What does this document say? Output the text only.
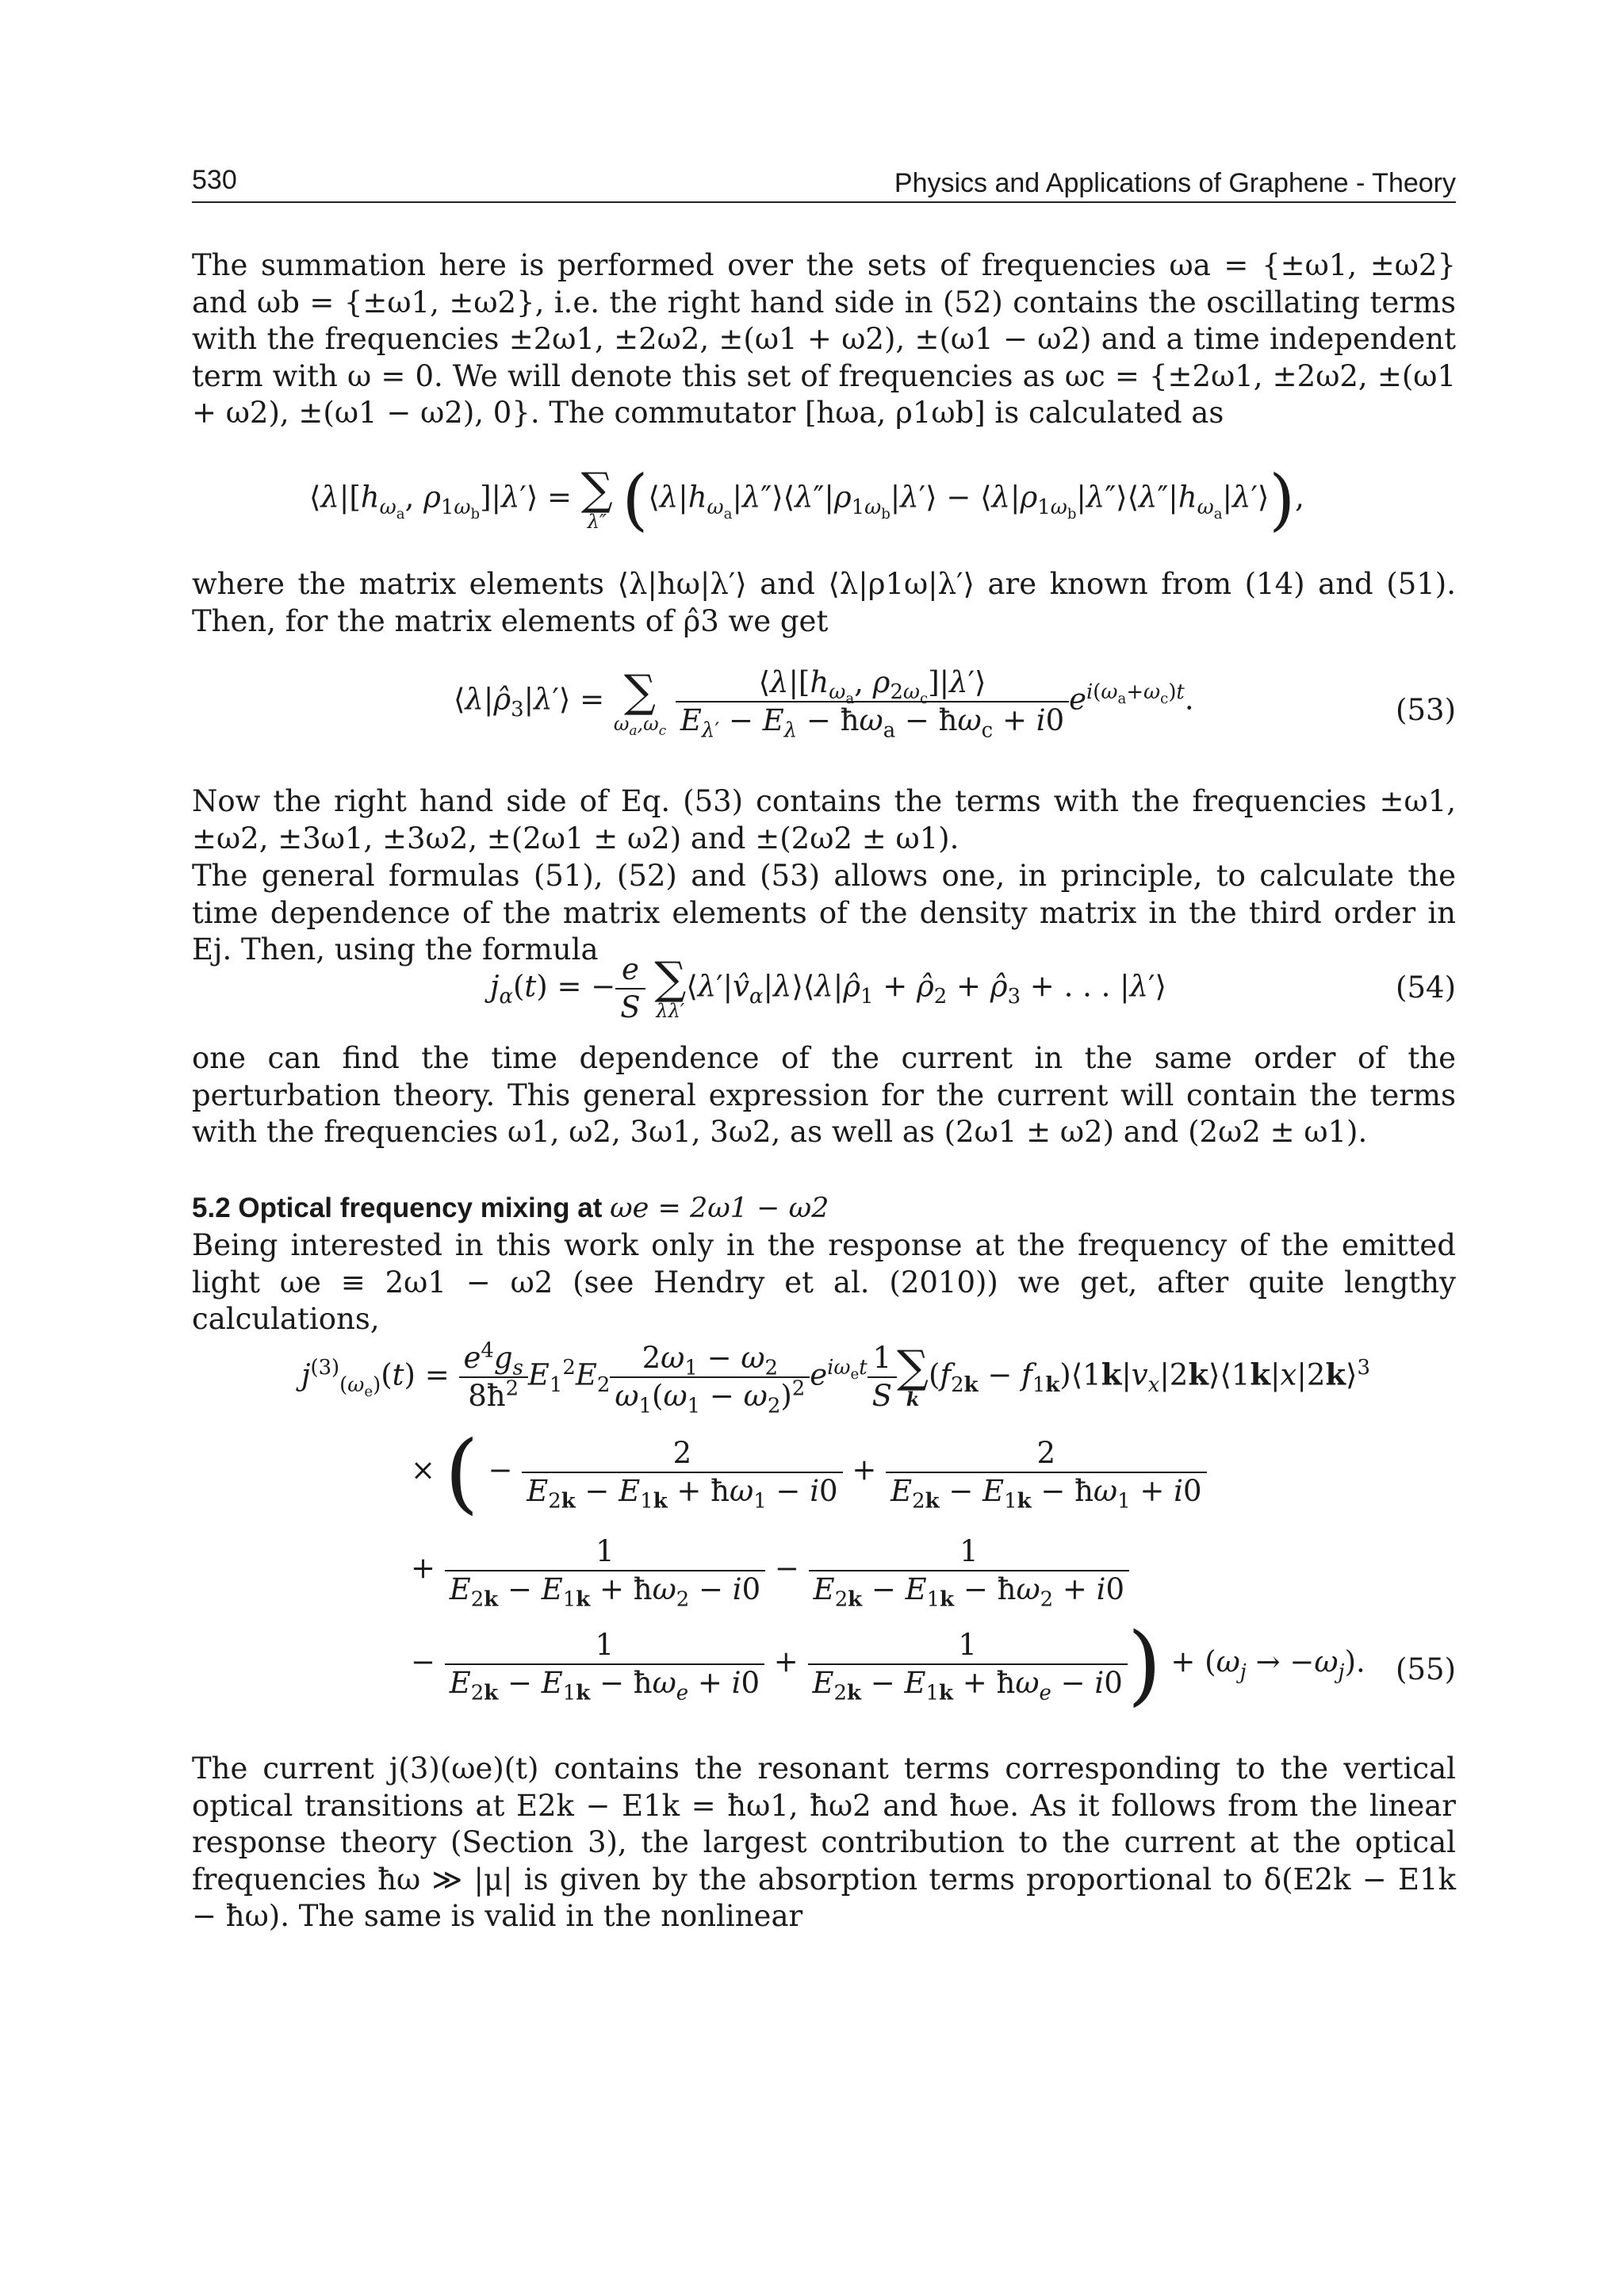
530	Physics and Applications of Graphene - Theory
The summation here is performed over the sets of frequencies ωa = {±ω1, ±ω2} and ωb = {±ω1, ±ω2}, i.e. the right hand side in (52) contains the oscillating terms with the frequencies ±2ω1, ±2ω2, ±(ω1 + ω2), ±(ω1 − ω2) and a time independent term with ω = 0. We will denote this set of frequencies as ωc = {±2ω1, ±2ω2, ±(ω1 + ω2), ±(ω1 − ω2), 0}. The commutator [hωa, ρ1ωb] is calculated as
$⟨\lambda|[h_{\omega_a}$, $\rho_{1\omega_b}]|\lambda'⟩$ = ∑
λ″ ($⟨\lambda|h_{\omega_a}|\lambda''⟩⟨\lambda''|\rho_{1\omega_b}|\lambda'⟩$ − $⟨\lambda|\rho_{1\omega_b}|\lambda''⟩⟨\lambda''|h_{\omega_a}|\lambda'⟩$),
where the matrix elements ⟨λ|hω|λ′⟩ and ⟨λ|ρ1ω|λ′⟩ are known from (14) and (51). Then, for the matrix elements of ρ̂3 we get
$⟨\lambda|\rhô_3|\lambda'⟩$ = ∑
$\omega_a,\omega_c$
$\frac{⟨\lambda|[h_{\omega_a}, \rho_{2\omega_c}]|\lambda'⟩}{E_{\lambda'} - E_\lambda - ħ\omega_a - ħ\omega_c + i0} e^{i(\omega_a+\omega_c)t}$.	(53)
Now the right hand side of Eq. (53) contains the terms with the frequencies ±ω1, ±ω2, ±3ω1, ±3ω2, ±(2ω1 ± ω2) and ±(2ω2 ± ω1).
The general formulas (51), (52) and (53) allows one, in principle, to calculate the time dependence of the matrix elements of the density matrix in the third order in Ej. Then, using the formula
$j_\alpha(t)$ = − $\frac{e}{S}$
∑
λλ′
$⟨\lambda'|v̂_\alpha|\lambda⟩⟨\lambda|\rhô_1$ + $\rhô_2$ + $\rhô_3$ + . . . |λ′⟩	(54)
one can find the time dependence of the current in the same order of the perturbation theory. This general expression for the current will contain the terms with the frequencies ω1, ω2, 3ω1, 3ω2, as well as (2ω1 ± ω2) and (2ω2 ± ω1).
5.2 Optical frequency mixing at ωe = 2ω1 − ω2
Being interested in this work only in the response at the frequency of the emitted light ωe ≡ 2ω1 − ω2 (see Hendry et al. (2010)) we get, after quite lengthy calculations,
$j^{(3)}_{(\omega_e)}(t) = \frac{e^4g_s}{8ħ^2} E_1^2E_2 \frac{2\omega_1 - \omega_2}{\omega_1(\omega_1 - \omega_2)^2} e^{i\omega_et} \frac{1}{S}$ ∑
k
($f_{2k}$ − $f_{1k})⟨1k|v_x|2k⟩⟨1k|x|2k⟩^3$
× ( − $\frac{2}{E_{2k} - E_{1k} + ħ\omega_1 - i0} + \frac{2}{E_{2k} - E_{1k} - ħ\omega_1 + i0}$
+ $\frac{1}{E_{2k} - E_{1k} + ħ\omega_2 - i0} - \frac{1}{E_{2k} - E_{1k} - ħ\omega_2 + i0}$
− $\frac{1}{E_{2k} - E_{1k} - ħ\omega_e + i0} + \frac{1}{E_{2k} - E_{1k} + ħ\omega_e - i0}$ ) + $(\omega_j \to -\omega_j)$. (55)
The current j(3)(ωe)(t) contains the resonant terms corresponding to the vertical optical transitions at E2k − E1k = ħω1, ħω2 and ħωe. As it follows from the linear response theory (Section 3), the largest contribution to the current at the optical frequencies ħω ≫ |μ| is given by the absorption terms proportional to δ(E2k − E1k − ħω). The same is valid in the nonlinear
